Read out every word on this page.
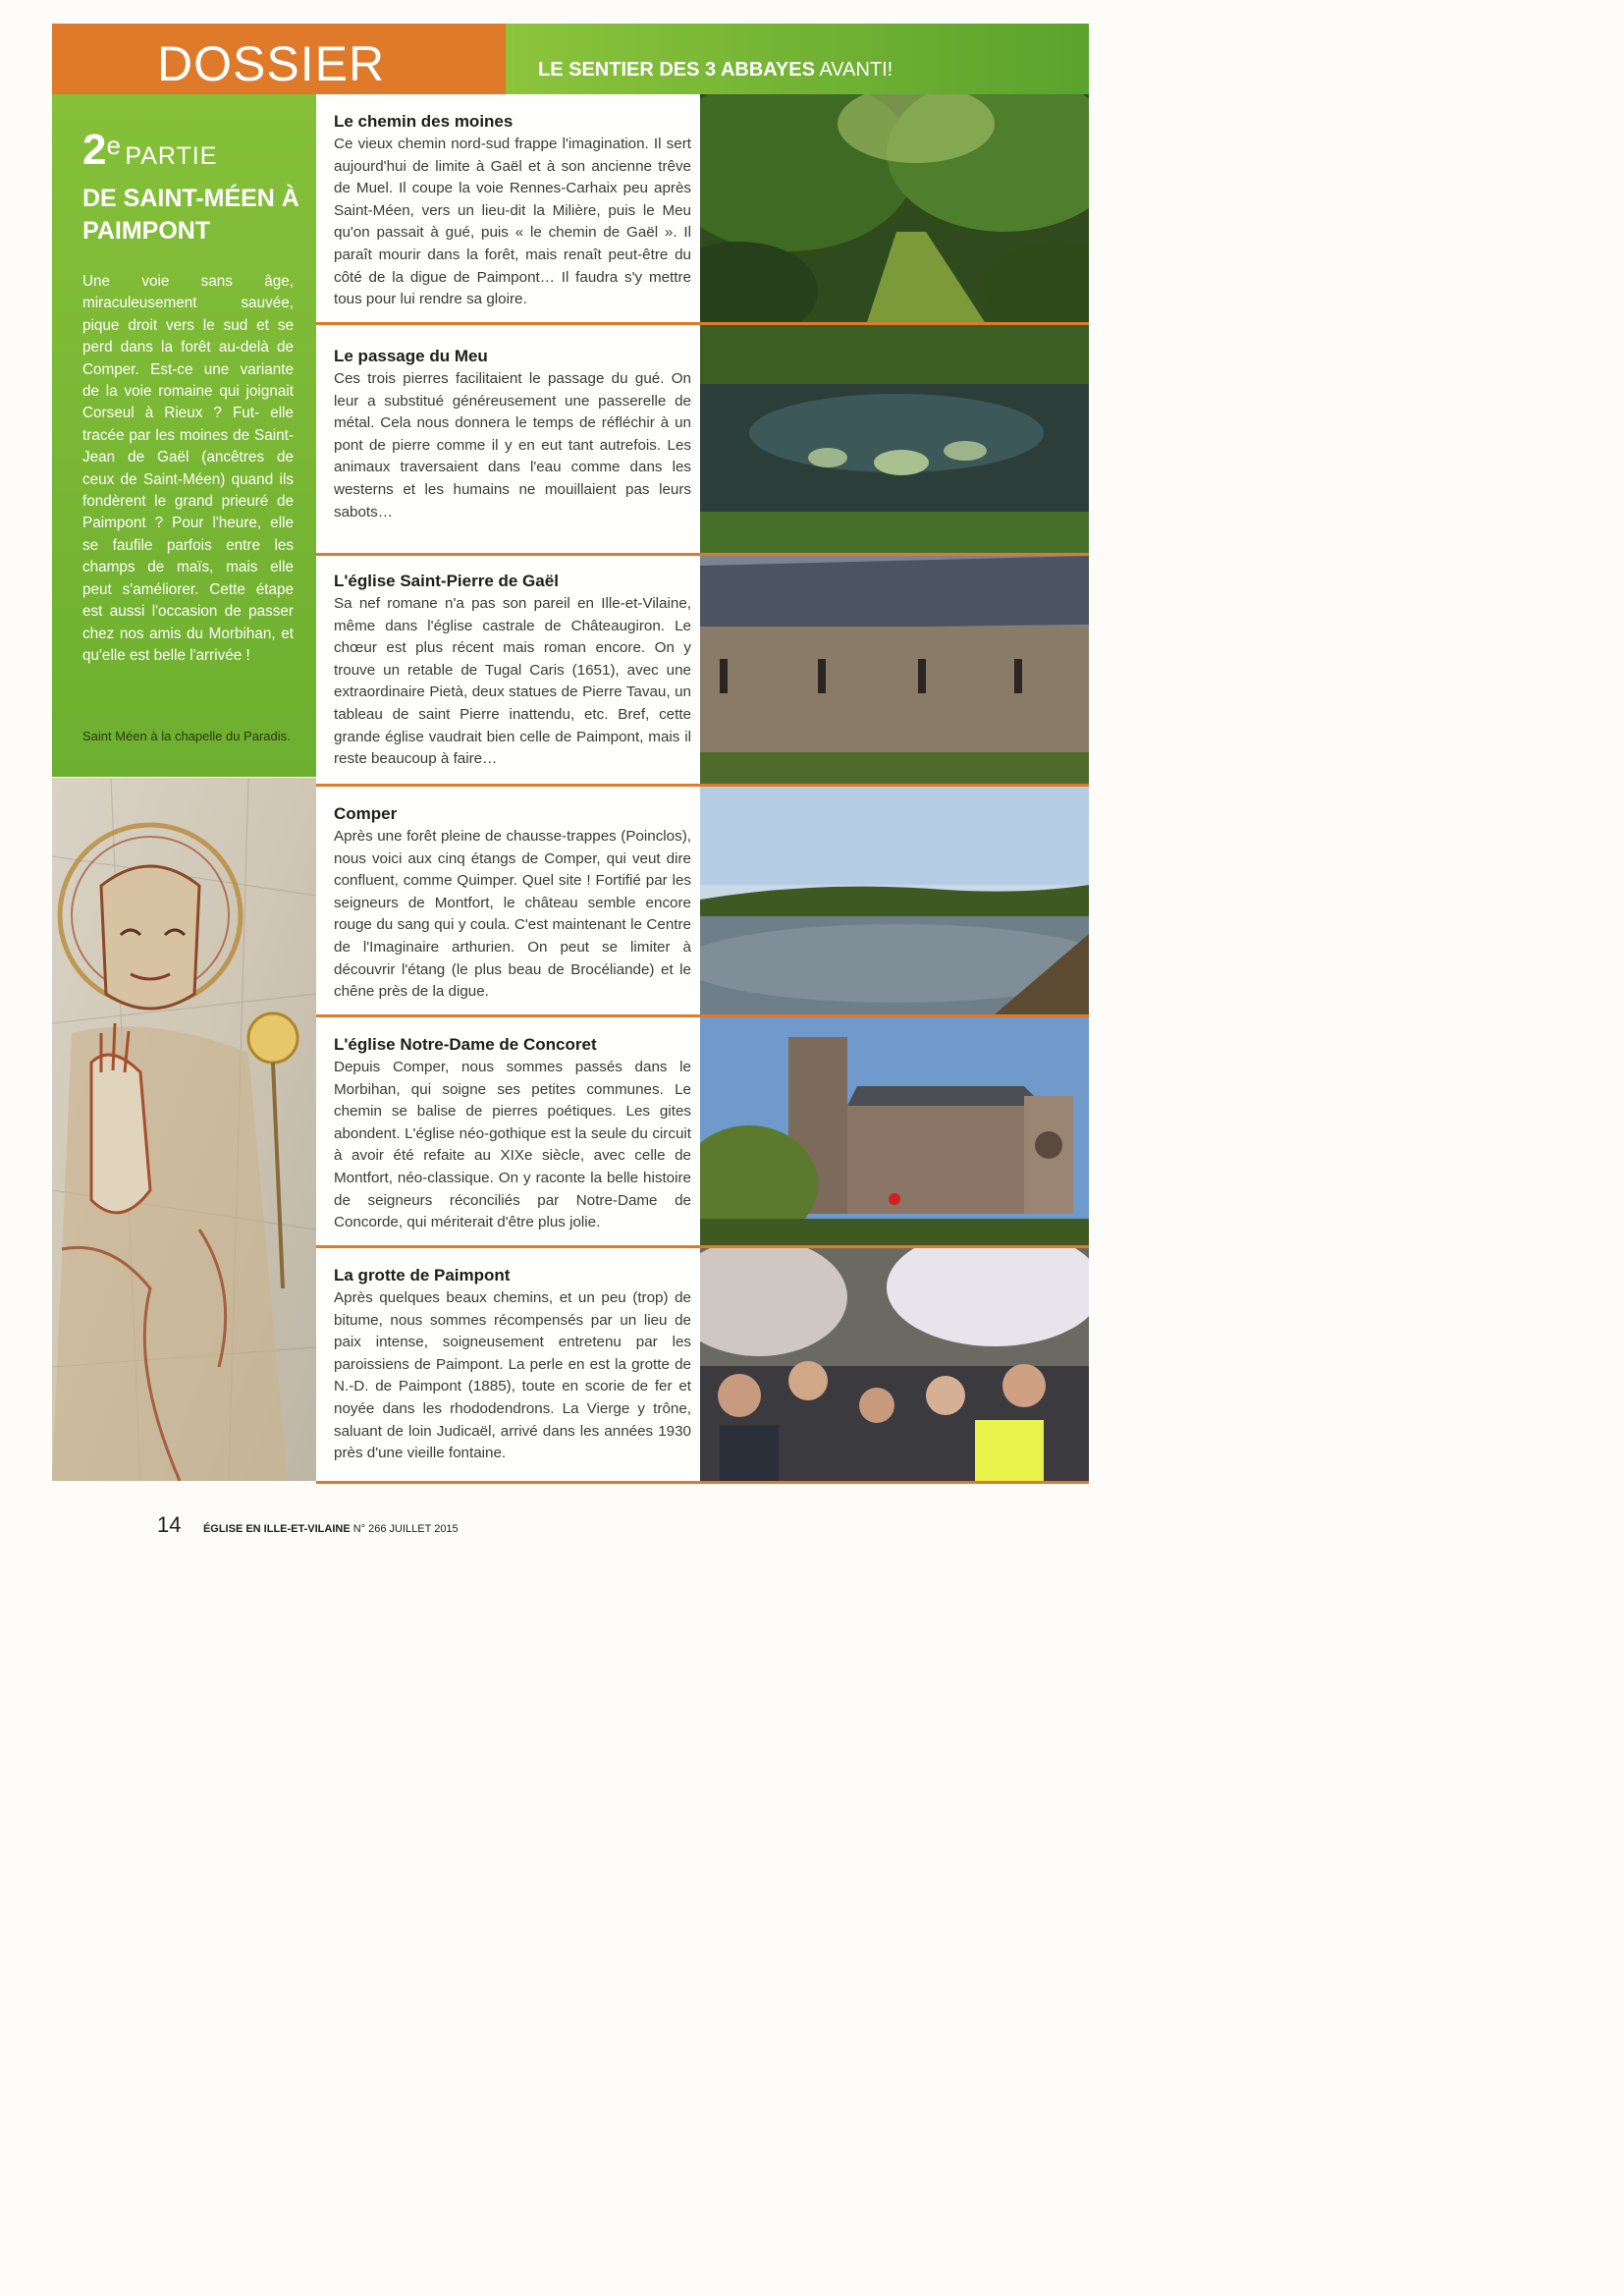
DOSSIER	LE SENTIER DES 3 ABBAYES AVANTI!
2e PARTIE
DE SAINT-MÉEN À PAIMPONT
Une voie sans âge, miraculeusement sauvée, pique droit vers le sud et se perd dans la forêt au-delà de Comper. Est-ce une variante de la voie romaine qui joignait Corseul à Rieux ? Fut- elle tracée par les moines de Saint-Jean de Gaël (ancêtres de ceux de Saint-Méen) quand ils fondèrent le grand prieuré de Paimpont ? Pour l'heure, elle se faufile parfois entre les champs de maïs, mais elle peut s'améliorer. Cette étape est aussi l'occasion de passer chez nos amis du Morbihan, et qu'elle est belle l'arrivée !
Saint Méen à la chapelle du Paradis.
Le chemin des moines
Ce vieux chemin nord-sud frappe l'imagination. Il sert aujourd'hui de limite à Gaël et à son ancienne trêve de Muel. Il coupe la voie Rennes-Carhaix peu après Saint-Méen, vers un lieu-dit la Milière, puis le Meu qu'on passait à gué, puis « le chemin de Gaël ». Il paraît mourir dans la forêt, mais renaît peut-être du côté de la digue de Paimpont… Il faudra s'y mettre tous pour lui rendre sa gloire.
Le passage du Meu
Ces trois pierres facilitaient le passage du gué. On leur a substitué généreusement une passerelle de métal. Cela nous donnera le temps de réfléchir à un pont de pierre comme il y en eut tant autrefois. Les animaux traversaient dans l'eau comme dans les westerns et les humains ne mouillaient pas leurs sabots…
L'église Saint-Pierre de Gaël
Sa nef romane n'a pas son pareil en Ille-et-Vilaine, même dans l'église castrale de Châteaugiron. Le chœur est plus récent mais roman encore. On y trouve un retable de Tugal Caris (1651), avec une extraordinaire Pietà, deux statues de Pierre Tavau, un tableau de saint Pierre inattendu, etc. Bref, cette grande église vaudrait bien celle de Paimpont, mais il reste beaucoup à faire…
Comper
Après une forêt pleine de chausse-trappes (Poinclos), nous voici aux cinq étangs de Comper, qui veut dire confluent, comme Quimper. Quel site ! Fortifié par les seigneurs de Montfort, le château semble encore rouge du sang qui y coula. C'est maintenant le Centre de l'Imaginaire arthurien. On peut se limiter à découvrir l'étang (le plus beau de Brocéliande) et le chêne près de la digue.
L'église Notre-Dame de Concoret
Depuis Comper, nous sommes passés dans le Morbihan, qui soigne ses petites communes. Le chemin se balise de pierres poétiques. Les gites abondent. L'église néo-gothique est la seule du circuit à avoir été refaite au XIXe siècle, avec celle de Montfort, néo-classique. On y raconte la belle histoire de seigneurs réconciliés par Notre-Dame de Concorde, qui mériterait d'être plus jolie.
La grotte de Paimpont
Après quelques beaux chemins, et un peu (trop) de bitume, nous sommes récompensés par un lieu de paix intense, soigneusement entretenu par les paroissiens de Paimpont. La perle en est la grotte de N.-D. de Paimpont (1885), toute en scorie de fer et noyée dans les rhododendrons. La Vierge y trône, saluant de loin Judicaël, arrivé dans les années 1930 près d'une vieille fontaine.
14 ÉGLISE EN ILLE-ET-VILAINE N° 266 JUILLET 2015
